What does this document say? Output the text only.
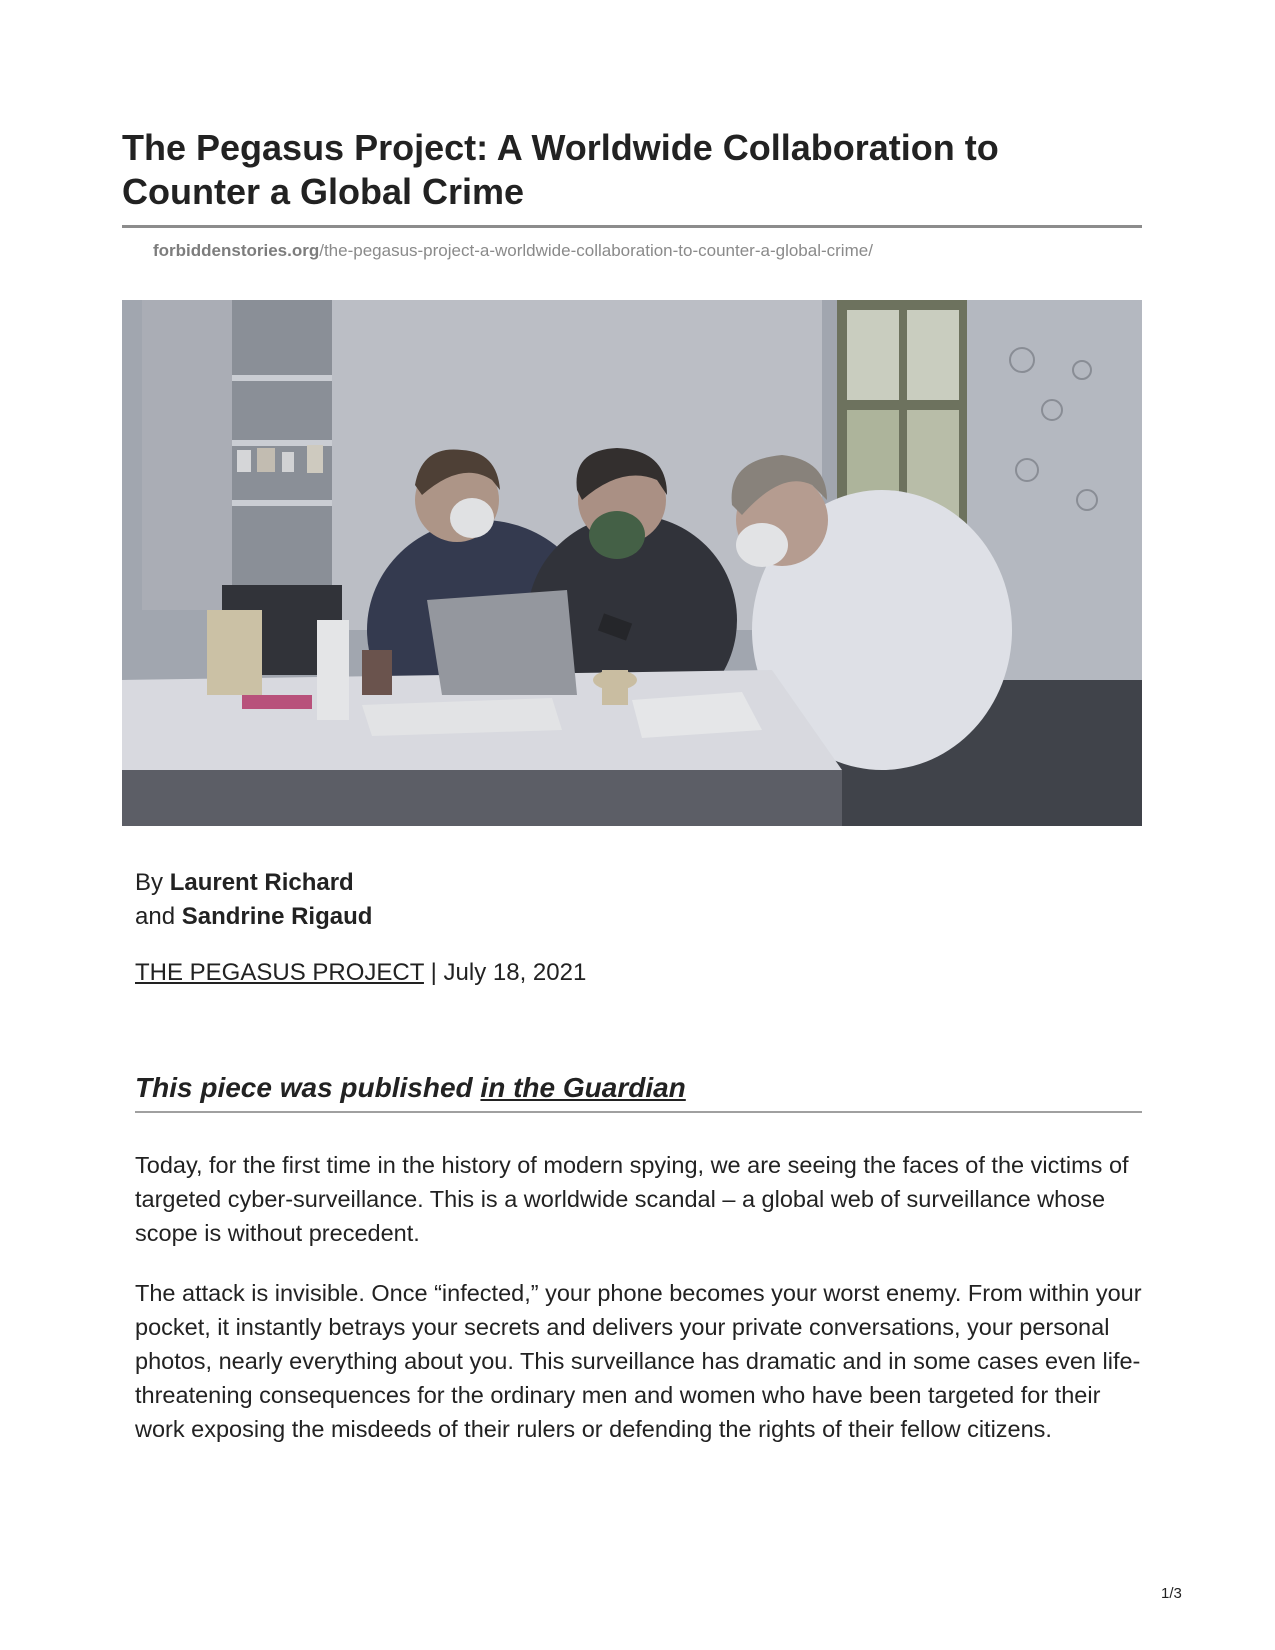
The Pegasus Project: A Worldwide Collaboration to Counter a Global Crime
forbiddenstories.org/the-pegasus-project-a-worldwide-collaboration-to-counter-a-global-crime/
By Laurent Richard
and Sandrine Rigaud
THE PEGASUS PROJECT | July 18, 2021
This piece was published in the Guardian

Today, for the first time in the history of modern spying, we are seeing the faces of the victims of targeted cyber-surveillance. This is a worldwide scandal – a global web of surveillance whose scope is without precedent.

The attack is invisible. Once “infected,” your phone becomes your worst enemy. From within your pocket, it instantly betrays your secrets and delivers your private conversations, your personal photos, nearly everything about you. This surveillance has dramatic and in some cases even life-threatening consequences for the ordinary men and women who have been targeted for their work exposing the misdeeds of their rulers or defending the rights of their fellow citizens.

1/3
